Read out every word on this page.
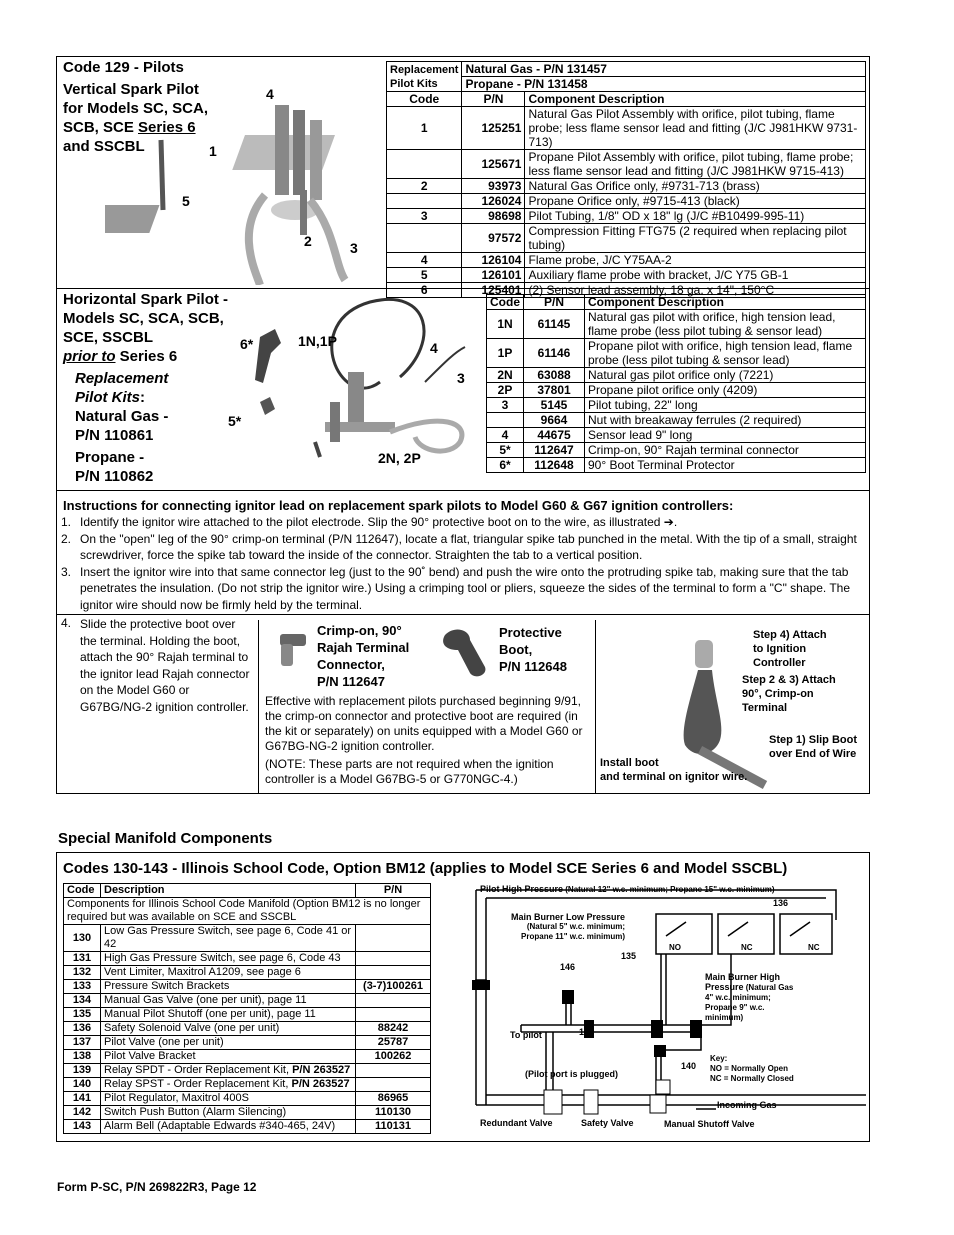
Code 129 - Pilots
Vertical Spark Pilot
for Models SC, SCA,
SCB, SCE Series 6
and SSCBL
4
1
5
2	3
Replacement
Pilot Kits	Natural Gas - P/N 131457	
	Propane - P/N 131458	
Code	P/N	Component Description
1	125251	Natural Gas Pilot Assembly with orifice, pilot tubing, flame probe; less flame sensor lead and fitting (J/C J981HKW 9731-713)
	125671	Propane Pilot Assembly with orifice, pilot tubing, flame probe; less flame sensor lead and fitting (J/C J981HKW 9715-413)
2	93973	Natural Gas Orifice only, #9731-713 (brass)
	126024	Propane Orifice only, #9715-413 (black)
3	98698	Pilot Tubing, 1/8" OD x 18" lg (J/C #B10499-995-11)
	97572	Compression Fitting FTG75 (2 required when replacing pilot tubing)
4	126104	Flame probe, J/C Y75AA-2
5	126101	Auxiliary flame probe with bracket, J/C Y75 GB-1
6	125401	(2) Sensor lead assembly, 18 ga. x 14", 150°C
Horizontal Spark Pilot -
Models SC, SCA, SCB,
SCE, SSCBL
prior to Series 6
Replacement
Pilot Kits:
Natural Gas -
P/N 110861
Propane -
P/N 110862
6*	1N,1P	4
3
5*
2N, 2P
Code	P/N	Component Description
1N	61145	Natural gas pilot with orifice, high tension lead, flame probe (less pilot tubing & sensor lead)
1P	61146	Propane pilot with orifice, high tension lead, flame probe (less pilot tubing & sensor lead)
2N	63088	Natural gas pilot orifice only (7221)
2P	37801	Propane pilot orifice only (4209)
3	5145	Pilot tubing, 22" long
	9664	Nut with breakaway ferrules (2 required)
4	44675	Sensor lead 9" long
5*	112647	Crimp-on, 90° Rajah terminal connector
6*	112648	90° Boot Terminal Protector
Instructions for connecting ignitor lead on replacement spark pilots to Model G60 & G67 ignition controllers:
1. Identify the ignitor wire attached to the pilot electrode. Slip the 90° protective boot on to the wire, as illustrated ➔.
2. On the "open" leg of the 90° crimp-on terminal (P/N 112647), locate a flat, triangular spike tab punched in the metal. With the tip of a small, straight screwdriver, force the spike tab toward the inside of the connector. Straighten the tab to a vertical position.
3. Insert the ignitor wire into that same connector leg (just to the 90˚ bend) and push the wire onto the protruding spike tab, making sure that the tab penetrates the insulation. (Do not strip the ignitor wire.) Using a crimping tool or pliers, squeeze the sides of the terminal to form a "C" shape. The ignitor wire should now be firmly held by the terminal.
4. Slide the protective boot over the terminal. Holding the boot, attach the 90° Rajah terminal to the ignitor lead Rajah connector on the Model G60 or G67BG/NG-2 ignition controller.
Crimp-on, 90°
Rajah Terminal
Connector,
P/N 112647
Protective
Boot,
P/N 112648
Effective with replacement pilots purchased beginning 9/91, the crimp-on connector and protective boot are required (in the kit or separately) on units equipped with a Model G60 or G67BG-NG-2 ignition controller.
(NOTE: These parts are not required when the ignition controller is a Model G67BG-5 or G770NGC-4.)
Step 4) Attach
to Ignition
Controller
Step 2 & 3) Attach
90°, Crimp-on
Terminal
Step 1) Slip Boot
over End of Wire
Install boot
and terminal on ignitor wire.
Special Manifold Components
Codes 130-143 - Illinois School Code, Option BM12 (applies to Model SCE Series 6 and Model SSCBL)
Code	Description	P/N
Components for Illinois School Code Manifold (Option BM12 is no longer required but was available on SCE and SSCBL		
130	Low Gas Pressure Switch, see page 6, Code 41 or 42	
131	High Gas Pressure Switch, see page 6, Code 43	
132	Vent Limiter, Maxitrol A1209, see page 6	
133	Pressure Switch Brackets	(3-7)100261
134	Manual Gas Valve (one per unit), page 11	
135	Manual Pilot Shutoff (one per unit), page 11	
136	Safety Solenoid Valve (one per unit)	88242
137	Pilot Valve (one per unit)	25787
138	Pilot Valve Bracket	100262
139	Relay SPDT - Order Replacement Kit, P/N 263527	
140	Relay SPST - Order Replacement Kit, P/N 263527	
141	Pilot Regulator, Maxitrol 400S	86965
142	Switch Push Button (Alarm Silencing)	110130
143	Alarm Bell (Adaptable Edwards #340-465, 24V)	110131
Pilot High Pressure (Natural 12" w.c. minimum; Propane 15" w.c. minimum)
Main Burner Low Pressure
(Natural 5" w.c. minimum;
Propane 11" w.c. minimum)
136
135
146
142
140
NO	NC	NC
Main Burner High
Pressure (Natural Gas
4" w.c. minimum;
Propane 9" w.c.
minimum)
To pilot
(Pilot port is plugged)
Key:
NO = Normally Open
NC = Normally Closed
Incoming Gas
Redundant Valve	Safety Valve	Manual Shutoff Valve
Form P-SC, P/N 269822R3, Page 12
